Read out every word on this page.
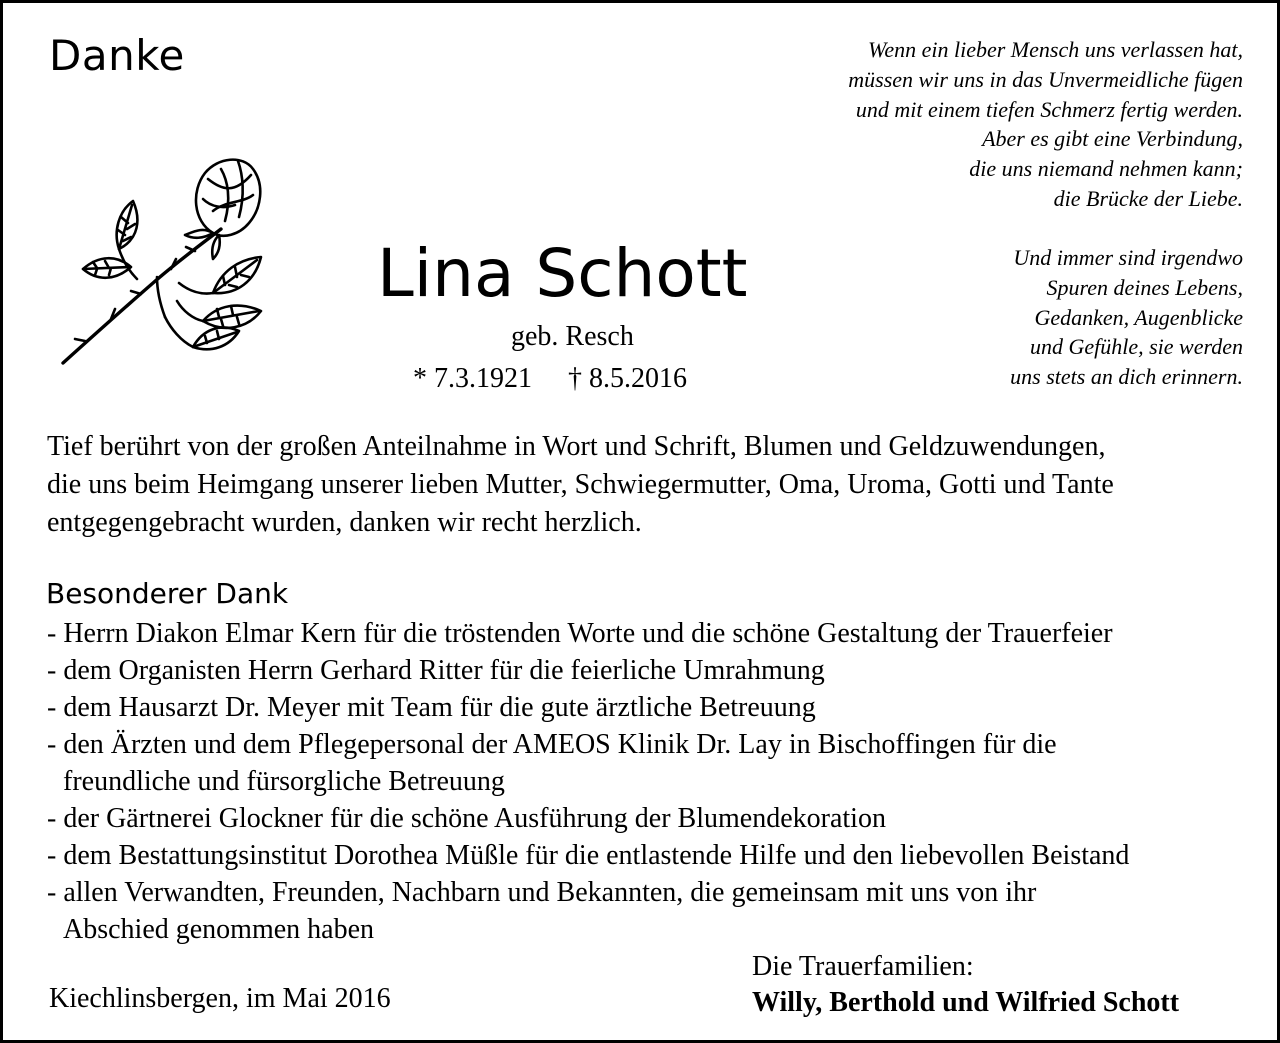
Danke	Wenn ein lieber Mensch uns verlassen hat,
müssen wir uns in das Unvermeidliche fügen
und mit einem tiefen Schmerz fertig werden.
Aber es gibt eine Verbindung,
die uns niemand nehmen kann;
die Brücke der Liebe.
Und immer sind irgendwo
Spuren deines Lebens,
Gedanken, Augenblicke
und Gefühle, sie werden
uns stets an dich erinnern.
Lina Schott
geb. Resch
* 7.3.1921 † 8.5.2016
Tief berührt von der großen Anteilnahme in Wort und Schrift, Blumen und Geldzuwendungen,
die uns beim Heimgang unserer lieben Mutter, Schwiegermutter, Oma, Uroma, Gotti und Tante
entgegengebracht wurden, danken wir recht herzlich.
Besonderer Dank
- Herrn Diakon Elmar Kern für die tröstenden Worte und die schöne Gestaltung der Trauerfeier
- dem Organisten Herrn Gerhard Ritter für die feierliche Umrahmung
- dem Hausarzt Dr. Meyer mit Team für die gute ärztliche Betreuung
- den Ärzten und dem Pflegepersonal der AMEOS Klinik Dr. Lay in Bischoffingen für die
freundliche und fürsorgliche Betreuung
- der Gärtnerei Glockner für die schöne Ausführung der Blumendekoration
- dem Bestattungsinstitut Dorothea Müßle für die entlastende Hilfe und den liebevollen Beistand
- allen Verwandten, Freunden, Nachbarn und Bekannten, die gemeinsam mit uns von ihr
Abschied genommen haben
Kiechlinsbergen, im Mai 2016
Die Trauerfamilien:
Willy, Berthold und Wilfried Schott
